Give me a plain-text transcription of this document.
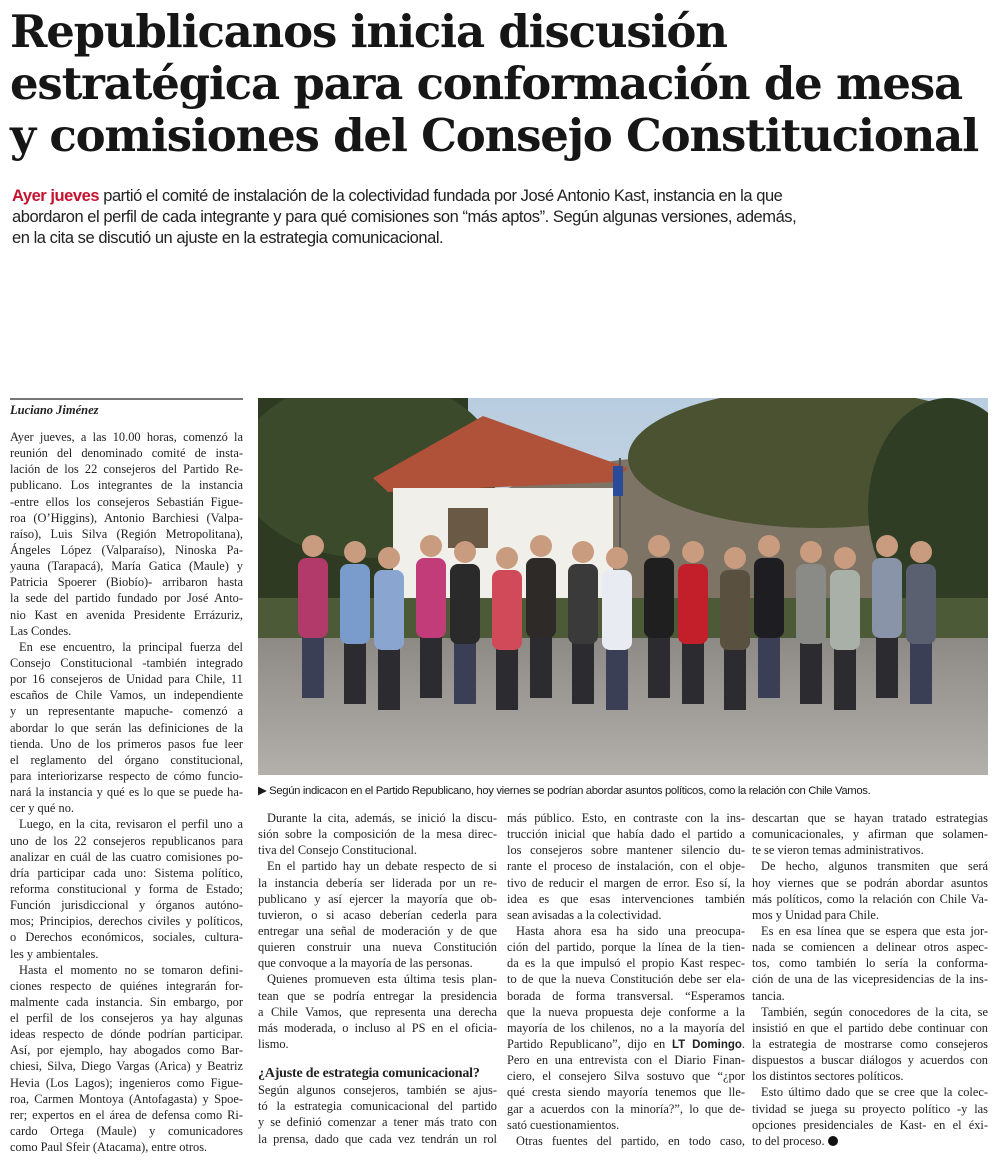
Republicanos inicia discusión
estratégica para conformación de mesa
y comisiones del Consejo Constitucional
Ayer jueves partió el comité de instalación de la colectividad fundada por José Antonio Kast, instancia en la que
abordaron el perfil de cada integrante y para qué comisiones son “más aptos”. Según algunas versiones, además,
en la cita se discutió un ajuste en la estrategia comunicacional.
Luciano Jiménez
Ayer jueves, a las 10.00 horas, comenzó la
reunión del denominado comité de insta-
lación de los 22 consejeros del Partido Re-
publicano. Los integrantes de la instancia
-entre ellos los consejeros Sebastián Figue-
roa (O’Higgins), Antonio Barchiesi (Valpa-
raíso), Luis Silva (Región Metropolitana),
Ángeles López (Valparaíso), Ninoska Pa-
yauna (Tarapacá), María Gatica (Maule) y
Patricia Spoerer (Biobío)- arribaron hasta
la sede del partido fundado por José Anto-
nio Kast en avenida Presidente Errázuriz,
Las Condes.
En ese encuentro, la principal fuerza del
Consejo Constitucional -también integrado
por 16 consejeros de Unidad para Chile, 11
escaños de Chile Vamos, un independiente
y un representante mapuche- comenzó a
abordar lo que serán las definiciones de la
tienda. Uno de los primeros pasos fue leer
el reglamento del órgano constitucional,
para interiorizarse respecto de cómo funcio-
nará la instancia y qué es lo que se puede ha-
cer y qué no.
Luego, en la cita, revisaron el perfil uno a
uno de los 22 consejeros republicanos para
analizar en cuál de las cuatro comisiones po-
dría participar cada uno: Sistema político,
reforma constitucional y forma de Estado;
Función jurisdiccional y órganos autóno-
mos; Principios, derechos civiles y políticos,
o Derechos económicos, sociales, cultura-
les y ambientales.
Hasta el momento no se tomaron defini-
ciones respecto de quiénes integrarán for-
malmente cada instancia. Sin embargo, por
el perfil de los consejeros ya hay algunas
ideas respecto de dónde podrían participar.
Así, por ejemplo, hay abogados como Bar-
chiesi, Silva, Diego Vargas (Arica) y Beatriz
Hevia (Los Lagos); ingenieros como Figue-
roa, Carmen Montoya (Antofagasta) y Spoe-
rer; expertos en el área de defensa como Ri-
cardo Ortega (Maule) y comunicadores
como Paul Sfeir (Atacama), entre otros.
Durante la cita, además, se inició la discu-
sión sobre la composición de la mesa direc-
tiva del Consejo Constitucional.
En el partido hay un debate respecto de si
la instancia debería ser liderada por un re-
publicano y así ejercer la mayoría que ob-
tuvieron, o si acaso deberían cederla para
entregar una señal de moderación y de que
quieren construir una nueva Constitución
que convoque a la mayoría de las personas.
Quienes promueven esta última tesis plan-
tean que se podría entregar la presidencia
a Chile Vamos, que representa una derecha
más moderada, o incluso al PS en el oficia-
lismo.
¿Ajuste de estrategia comunicacional?
Según algunos consejeros, también se ajus-
tó la estrategia comunicacional del partido
y se definió comenzar a tener más trato con
la prensa, dado que cada vez tendrán un rol
más público. Esto, en contraste con la ins-
trucción inicial que había dado el partido a
los consejeros sobre mantener silencio du-
rante el proceso de instalación, con el obje-
tivo de reducir el margen de error. Eso sí, la
idea es que esas intervenciones también
sean avisadas a la colectividad.
Hasta ahora esa ha sido una preocupa-
ción del partido, porque la línea de la tien-
da es la que impulsó el propio Kast respec-
to de que la nueva Constitución debe ser ela-
borada de forma transversal. “Esperamos
que la nueva propuesta deje conforme a la
mayoría de los chilenos, no a la mayoría del
Partido Republicano”, dijo en LT Domingo.
Pero en una entrevista con el Diario Finan-
ciero, el consejero Silva sostuvo que “¿por
qué cresta siendo mayoría tenemos que lle-
gar a acuerdos con la minoría?”, lo que de-
sató cuestionamientos.
Otras fuentes del partido, en todo caso,
descartan que se hayan tratado estrategias
comunicacionales, y afirman que solamen-
te se vieron temas administrativos.
De hecho, algunos transmiten que será
hoy viernes que se podrán abordar asuntos
más políticos, como la relación con Chile Va-
mos y Unidad para Chile.
Es en esa línea que se espera que esta jor-
nada se comiencen a delinear otros aspec-
tos, como también lo sería la conforma-
ción de una de las vicepresidencias de la ins-
tancia.
También, según conocedores de la cita, se
insistió en que el partido debe continuar con
la estrategia de mostrarse como consejeros
dispuestos a buscar diálogos y acuerdos con
los distintos sectores políticos.
Esto último dado que se cree que la colec-
tividad se juega su proyecto político -y las
opciones presidenciales de Kast- en el éxi-
to del proceso.
▶ Según indicacon en el Partido Republicano, hoy viernes se podrían abordar asuntos políticos, como la relación con Chile Vamos.
